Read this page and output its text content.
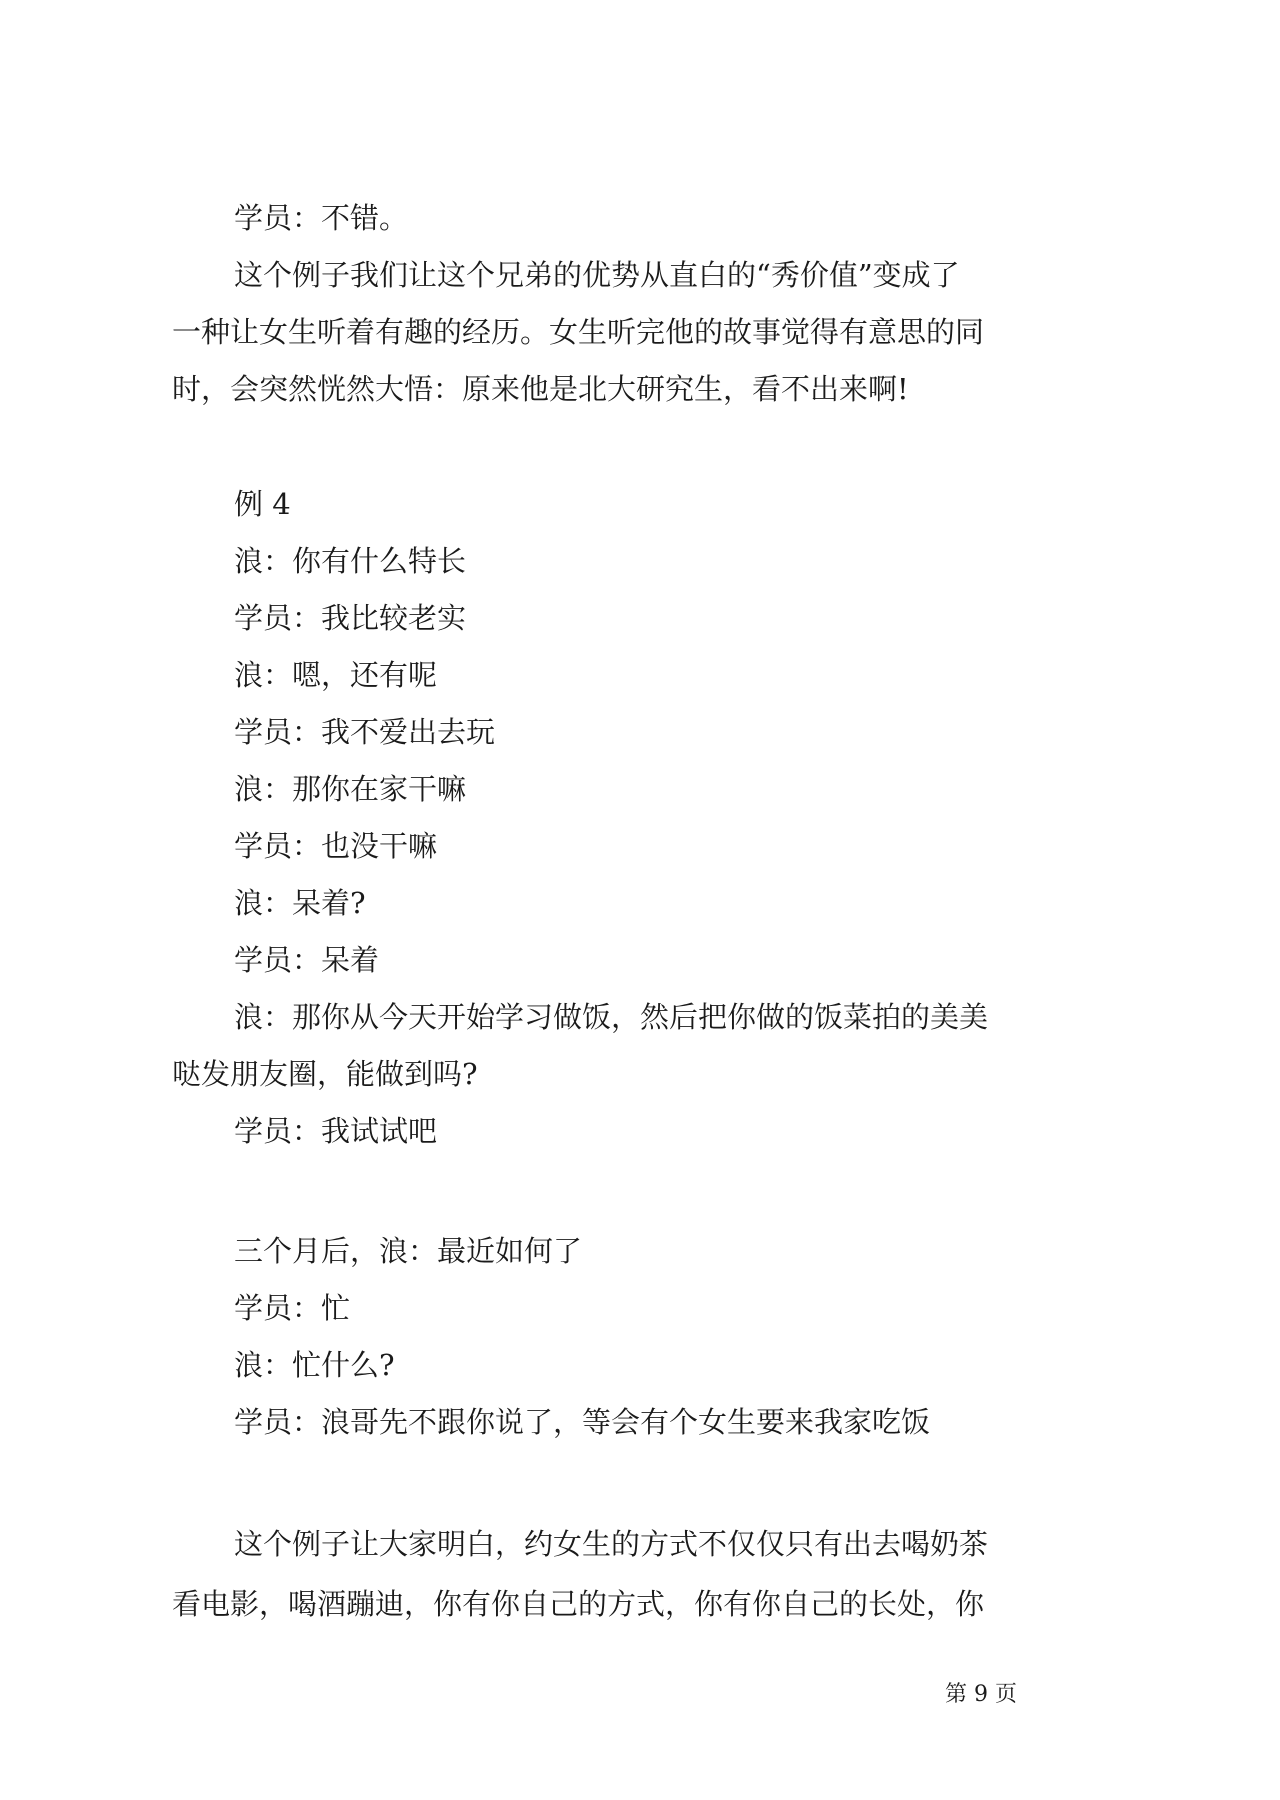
学员：不错。

这个例子我们让这个兄弟的优势从直白的“秀价值”变成了

一种让女生听着有趣的经历。女生听完他的故事觉得有意思的同

时，会突然恍然大悟：原来他是北大研究生，看不出来啊!

例 4

浪：你有什么特长

学员：我比较老实

浪：嗯，还有呢

学员：我不爱出去玩

浪：那你在家干嘛

学员：也没干嘛

浪：呆着?

学员：呆着

浪：那你从今天开始学习做饭，然后把你做的饭菜拍的美美

哒发朋友圈，能做到吗?

学员：我试试吧

三个月后，浪：最近如何了

学员：忙

浪：忙什么?

学员：浪哥先不跟你说了，等会有个女生要来我家吃饭

这个例子让大家明白，约女生的方式不仅仅只有出去喝奶茶

看电影，喝酒蹦迪，你有你自己的方式，你有你自己的长处，你

第 9 页
